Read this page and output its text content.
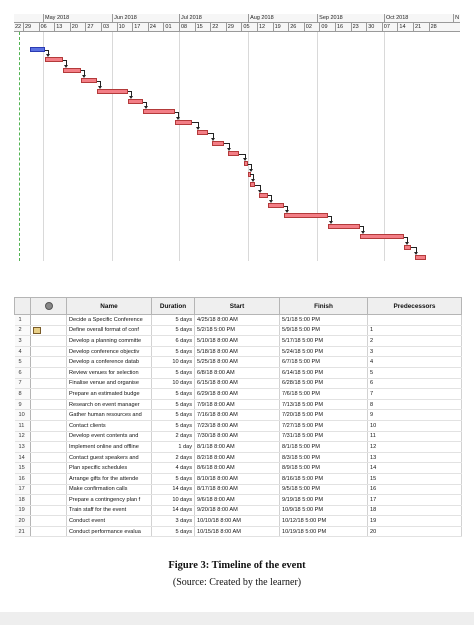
May 2018	Jun 2018	Jul 2018	Aug 2018	Sep 2018	Oct 2018	N
22 29	06	13	20	27	03	10	17	24	01	08	15	22	29	05	12	19	26	02	09	16	23	30	07	14	21	28
		Name	Duration	Start	Finish	Predecessors
1		Decide a Specific Conference	5 days	4/25/18 8:00 AM	5/1/18 5:00 PM	
2		Define overall format of conf	5 days	5/2/18 5:00 PM	5/9/18 5:00 PM	1
3		Develop a planning committe	6 days	5/10/18 8:00 AM	5/17/18 5:00 PM	2
4		Develop conference objectiv	5 days	5/18/18 8:00 AM	5/24/18 5:00 PM	3
5		Develop a conference datab	10 days	5/25/18 8:00 AM	6/7/18 5:00 PM	4
6		Review venues for selection	5 days	6/8/18 8:00 AM	6/14/18 5:00 PM	5
7		Finalise venue and organise	10 days	6/15/18 8:00 AM	6/28/18 5:00 PM	6
8		Prepare an estimated budge	5 days	6/29/18 8:00 AM	7/6/18 5:00 PM	7
9		Research on event manager	5 days	7/9/18 8:00 AM	7/13/18 5:00 PM	8
10		Gather human resources and	5 days	7/16/18 8:00 AM	7/20/18 5:00 PM	9
11		Contact clients	5 days	7/23/18 8:00 AM	7/27/18 5:00 PM	10
12		Develop event contents and	2 days	7/30/18 8:00 AM	7/31/18 5:00 PM	11
13		Implement online and offline	1 day	8/1/18 8:00 AM	8/1/18 5:00 PM	12
14		Contact guest speakers and	2 days	8/2/18 8:00 AM	8/3/18 5:00 PM	13
15		Plan specific schedules	4 days	8/6/18 8:00 AM	8/9/18 5:00 PM	14
16		Arrange gifts for the attende	5 days	8/10/18 8:00 AM	8/16/18 5:00 PM	15
17		Make confirmation calls	14 days	8/17/18 8:00 AM	9/5/18 5:00 PM	16
18		Prepare a contingency plan f	10 days	9/6/18 8:00 AM	9/19/18 5:00 PM	17
19		Train staff for the event	14 days	9/20/18 8:00 AM	10/9/18 5:00 PM	18
20		Conduct event	3 days	10/10/18 8:00 AM	10/12/18 5:00 PM	19
21		Conduct performance evalua	5 days	10/15/18 8:00 AM	10/19/18 5:00 PM	20
Figure 3: Timeline of the event
(Source: Created by the learner)
